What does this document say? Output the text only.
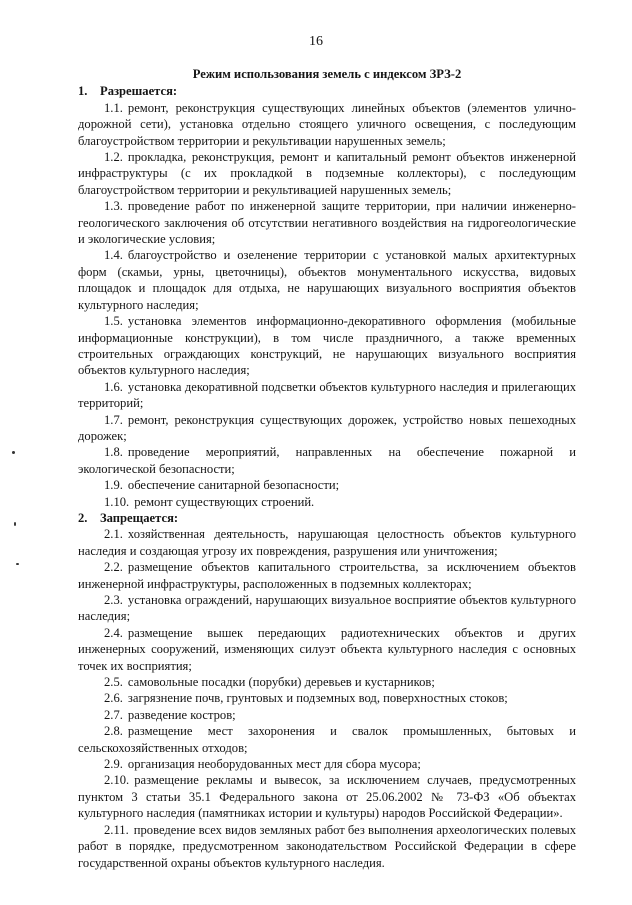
16

Режим использования земель с индексом ЗРЗ-2

1. Разрешается:

1.1. ремонт, реконструкция существующих линейных объектов (элементов улично-дорожной сети), установка отдельно стоящего уличного освещения, с последующим благоустройством территории и рекультивации нарушенных земель;

1.2. прокладка, реконструкция, ремонт и капитальный ремонт объектов инженерной инфраструктуры (с их прокладкой в подземные коллекторы), с последующим благоустройством территории и рекультивацией нарушенных земель;

1.3. проведение работ по инженерной защите территории, при наличии инженерно-геологического заключения об отсутствии негативного воздействия на гидрогеологические и экологические условия;

1.4. благоустройство и озеленение территории с установкой малых архитектурных форм (скамьи, урны, цветочницы), объектов монументального искусства, видовых площадок и площадок для отдыха, не нарушающих визуального восприятия объектов культурного наследия;

1.5. установка элементов информационно-декоративного оформления (мобильные информационные конструкции), в том числе праздничного, а также временных строительных ограждающих конструкций, не нарушающих визуального восприятия объектов культурного наследия;

1.6. установка декоративной подсветки объектов культурного наследия и прилегающих территорий;

1.7. ремонт, реконструкция существующих дорожек, устройство новых пешеходных дорожек;

1.8. проведение мероприятий, направленных на обеспечение пожарной и экологической безопасности;

1.9. обеспечение санитарной безопасности;

1.10. ремонт существующих строений.

2. Запрещается:

2.1. хозяйственная деятельность, нарушающая целостность объектов культурного наследия и создающая угрозу их повреждения, разрушения или уничтожения;

2.2. размещение объектов капитального строительства, за исключением объектов инженерной инфраструктуры, расположенных в подземных коллекторах;

2.3. установка ограждений, нарушающих визуальное восприятие объектов культурного наследия;

2.4. размещение вышек передающих радиотехнических объектов и других инженерных сооружений, изменяющих силуэт объекта культурного наследия с основных точек их восприятия;

2.5. самовольные посадки (порубки) деревьев и кустарников;

2.6. загрязнение почв, грунтовых и подземных вод, поверхностных стоков;

2.7. разведение костров;

2.8. размещение мест захоронения и свалок промышленных, бытовых и сельскохозяйственных отходов;

2.9. организация необорудованных мест для сбора мусора;

2.10. размещение рекламы и вывесок, за исключением случаев, предусмотренных пунктом 3 статьи 35.1 Федерального закона от 25.06.2002 № 73-ФЗ «Об объектах культурного наследия (памятниках истории и культуры) народов Российской Федерации».

2.11. проведение всех видов земляных работ без выполнения археологических полевых работ в порядке, предусмотренном законодательством Российской Федерации в сфере государственной охраны объектов культурного наследия.
